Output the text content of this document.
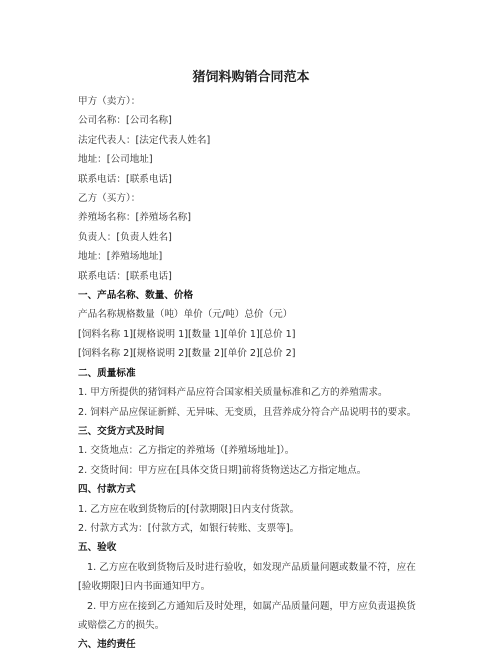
猪饲料购销合同范本
甲方（卖方）：
公司名称：[公司名称]
法定代表人：[法定代表人姓名]
地址：[公司地址]
联系电话：[联系电话]
乙方（买方）：
养殖场名称：[养殖场名称]
负责人：[负责人姓名]
地址：[养殖场地址]
联系电话：[联系电话]
一、产品名称、数量、价格
产品名称规格数量（吨）单价（元/吨）总价（元）
[饲料名称 1][规格说明 1][数量 1][单价 1][总价 1]
[饲料名称 2][规格说明 2][数量 2][单价 2][总价 2]
二、质量标准
1. 甲方所提供的猪饲料产品应符合国家相关质量标准和乙方的养殖需求。
2. 饲料产品应保证新鲜、无异味、无变质，且营养成分符合产品说明书的要求。
三、交货方式及时间
1. 交货地点：乙方指定的养殖场（[养殖场地址]）。
2. 交货时间：甲方应在[具体交货日期]前将货物送达乙方指定地点。
四、付款方式
1. 乙方应在收到货物后的[付款期限]日内支付货款。
2. 付款方式为：[付款方式，如银行转账、支票等]。
五、验收
1. 乙方应在收到货物后及时进行验收，如发现产品质量问题或数量不符，应在[验收期限]日内书面通知甲方。
2. 甲方应在接到乙方通知后及时处理，如属产品质量问题，甲方应负责退换货或赔偿乙方的损失。
六、违约责任
